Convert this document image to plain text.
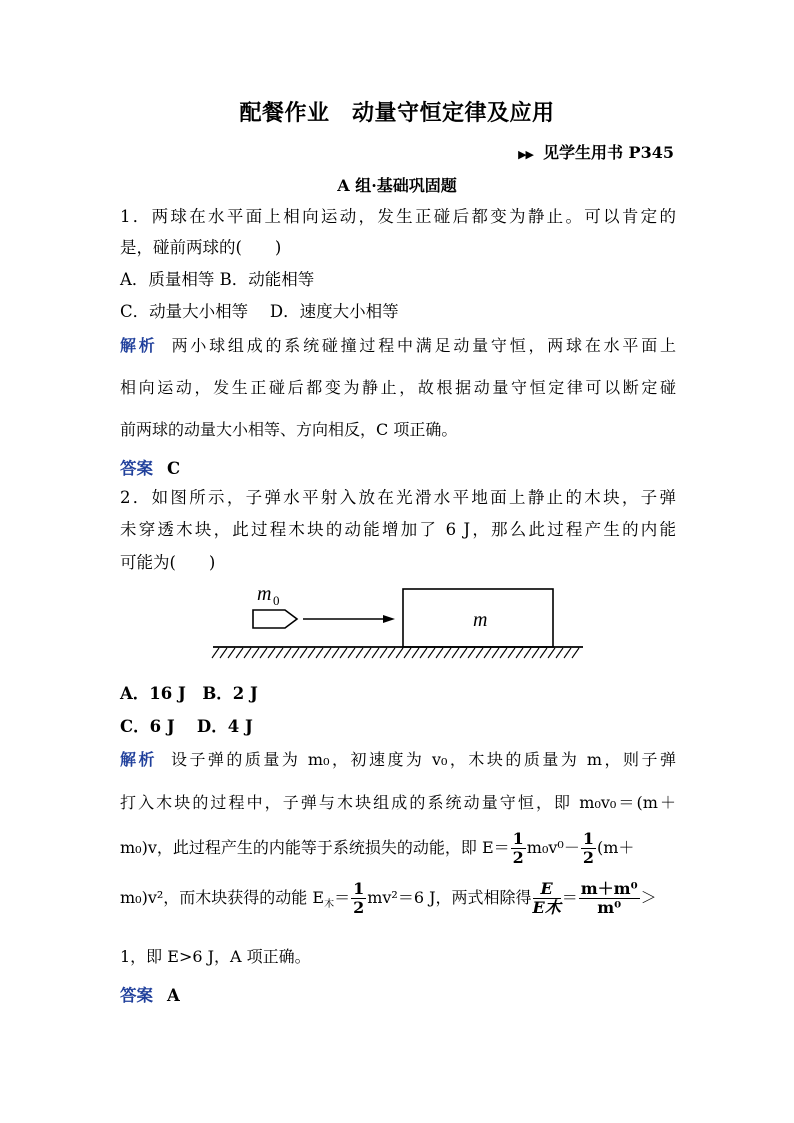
配餐作业　动量守恒定律及应用
▶▶ 见学生用书 P345
A 组·基础巩固题
1．两球在水平面上相向运动，发生正碰后都变为静止。可以肯定的
是，碰前两球的(　　)
A．质量相等 B．动能相等
C．动量大小相等　 D．速度大小相等
解析 两小球组成的系统碰撞过程中满足动量守恒，两球在水平面上
相向运动，发生正碰后都变为静止，故根据动量守恒定律可以断定碰
前两球的动量大小相等、方向相反，C 项正确。
答案 C
2．如图所示，子弹水平射入放在光滑水平地面上静止的木块，子弹
未穿透木块，此过程木块的动能增加了 6 J，那么此过程产生的内能
可能为(　　)
m 0
m
A．16 J　B．2 J
C．6 J　 D．4 J
解析 设子弹的质量为 m₀，初速度为 v₀，木块的质量为 m，则子弹
打入木块的过程中，子弹与木块组成的系统动量守恒，即 m₀v₀＝(m＋
m₀)v，此过程产生的内能等于系统损失的动能，即 $E= \frac{1}{2} m_0v^0- \frac{1}{2} (m+$
m₀)v²，而木块获得的动能 $E_木= \frac{1}{2} mv^2=6$ J，两式相除得 $\frac{E}{\text{E木}} = \frac{\text{m＋m⁰}}{\text{m⁰}}$ ＞
1，即 E>6 J，A 项正确。
答案 A
